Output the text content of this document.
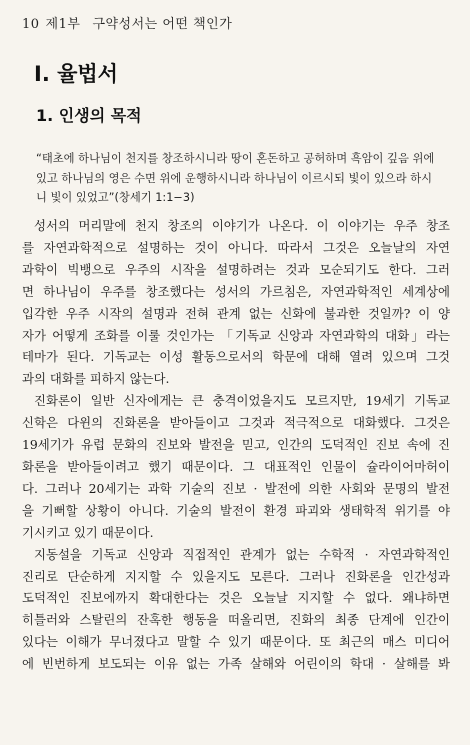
10 제1부 구약성서는 어떤 책인가
Ⅰ. 율법서
1. 인생의 목적
“태초에 하나님이 천지를 창조하시니라 땅이 혼돈하고 공허하며 흑암이 깊음 위에
있고 하나님의 영은 수면 위에 운행하시니라 하나님이 이르시되 빛이 있으라 하시
니 빛이 있었고”(창세기 1:1−3)
성서의 머리말에 천지 창조의 이야기가 나온다. 이 이야기는 우주 창조
를 자연과학적으로 설명하는 것이 아니다. 따라서 그것은 오늘날의 자연
과학이 빅뱅으로 우주의 시작을 설명하려는 것과 모순되기도 한다. 그러
면 하나님이 우주를 창조했다는 성서의 가르침은, 자연과학적인 세계상에
입각한 우주 시작의 설명과 전혀 관계 없는 신화에 불과한 것일까? 이 양
자가 어떻게 조화를 이룰 것인가는 「기독교 신앙과 자연과학의 대화」라는
테마가 된다. 기독교는 이성 활동으로서의 학문에 대해 열려 있으며 그것
과의 대화를 피하지 않는다.
진화론이 일반 신자에게는 큰 충격이었을지도 모르지만, 19세기 기독교
신학은 다윈의 진화론을 받아들이고 그것과 적극적으로 대화했다. 그것은
19세기가 유럽 문화의 진보와 발전을 믿고, 인간의 도덕적인 진보 속에 진
화론을 받아들이려고 했기 때문이다. 그 대표적인 인물이 슐라이어마허이
다. 그러나 20세기는 과학 기술의 진보 · 발전에 의한 사회와 문명의 발전
을 기뻐할 상황이 아니다. 기술의 발전이 환경 파괴와 생태학적 위기를 야
기시키고 있기 때문이다.
지동설을 기독교 신앙과 직접적인 관계가 없는 수학적 · 자연과학적인
진리로 단순하게 지지할 수 있을지도 모른다. 그러나 진화론을 인간성과
도덕적인 진보에까지 확대한다는 것은 오늘날 지지할 수 없다. 왜냐하면
히틀러와 스탈린의 잔혹한 행동을 떠올리면, 진화의 최종 단계에 인간이
있다는 이해가 무너졌다고 말할 수 있기 때문이다. 또 최근의 매스 미디어
에 빈번하게 보도되는 이유 없는 가족 살해와 어린이의 학대 · 살해를 봐
